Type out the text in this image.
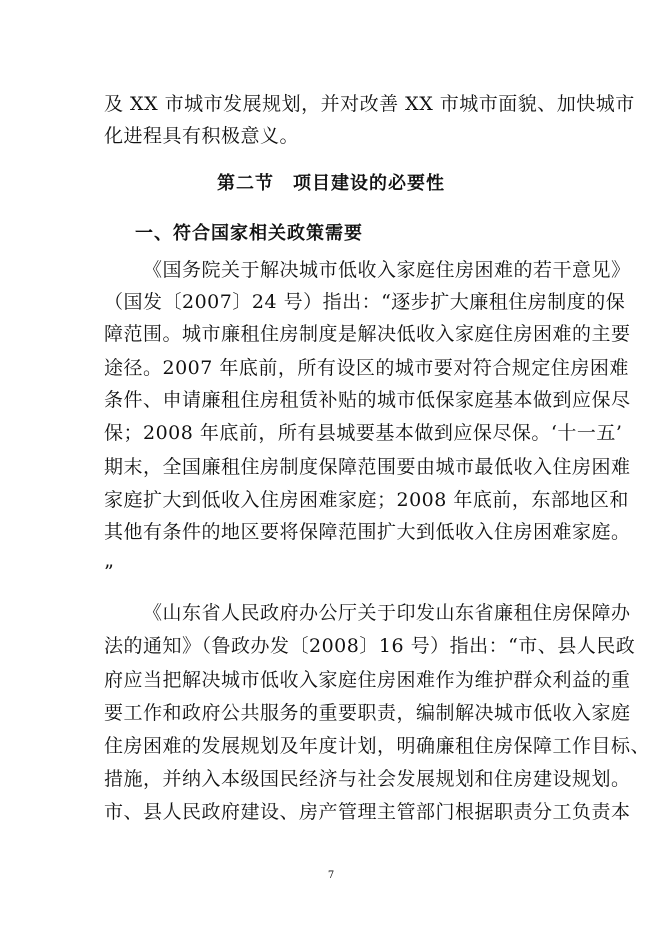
及 XX 市城市发展规划，并对改善 XX 市城市面貌、加快城市
化进程具有积极意义。
第二节　项目建设的必要性
一、符合国家相关政策需要
《国务院关于解决城市低收入家庭住房困难的若干意见》
（国发〔2007〕24 号）指出：“逐步扩大廉租住房制度的保
障范围。城市廉租住房制度是解决低收入家庭住房困难的主要
途径。2007 年底前，所有设区的城市要对符合规定住房困难
条件、申请廉租住房租赁补贴的城市低保家庭基本做到应保尽
保；2008 年底前，所有县城要基本做到应保尽保。‘十一五’
期末，全国廉租住房制度保障范围要由城市最低收入住房困难
家庭扩大到低收入住房困难家庭；2008 年底前，东部地区和
其他有条件的地区要将保障范围扩大到低收入住房困难家庭。
”
《山东省人民政府办公厅关于印发山东省廉租住房保障办
法的通知》（鲁政办发〔2008〕16 号）指出：“市、县人民政
府应当把解决城市低收入家庭住房困难作为维护群众利益的重
要工作和政府公共服务的重要职责，编制解决城市低收入家庭
住房困难的发展规划及年度计划，明确廉租住房保障工作目标、
措施，并纳入本级国民经济与社会发展规划和住房建设规划。
市、县人民政府建设、房产管理主管部门根据职责分工负责本
7
